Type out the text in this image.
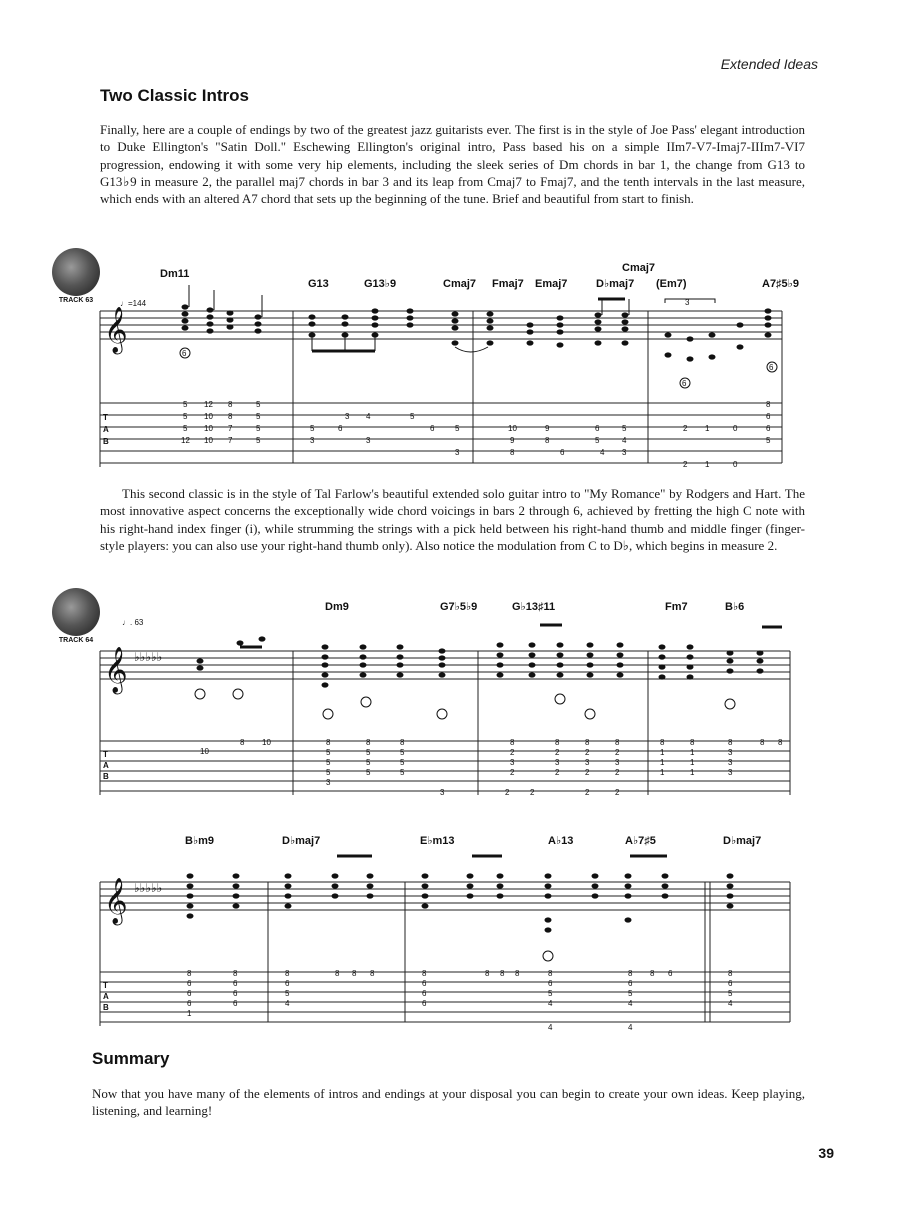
Extended Ideas
Two Classic Intros

Finally, here are a couple of endings by two of the greatest jazz guitarists ever. The first is in the style of Joe Pass' elegant introduction to Duke Ellington's "Satin Doll." Eschewing Ellington's original intro, Pass based his on a simple IIm7-V7-Imaj7-IIIm7-VI7 progression, endowing it with some very hip elements, including the sleek series of Dm chords in bar 1, the change from G13 to G13♭9 in measure 2, the parallel maj7 chords in bar 3 and its leap from Cmaj7 to Fmaj7, and the tenth intervals in the last measure, which ends with an altered A7 chord that sets up the beginning of the tune. Brief and beautiful from start to finish.

TRACK 63
Dm11
G13	G13♭9	Cmaj7 Fmaj7 Emaj7	D♭maj7
Cmaj7
(Em7)	A7♯5♭9
♩=144
𝄞
6
3
6
6
T
A
B
5
5
5
12
12
10
10
10
8
8
7
7
5
5
5
5
5
3
6
3 4
3
5
6	5
3
10
9
8
9
8
6
6
5
4
5
4
3
2 1	0
2 1	0
8
6
6
5

This second classic is in the style of Tal Farlow's beautiful extended solo guitar intro to "My Romance" by Rodgers and Hart. The most innovative aspect concerns the exceptionally wide chord voicings in bars 2 through 6, achieved by fretting the high C note with his right-hand index finger (i), while strumming the strings with a pick held between his right-hand thumb and middle finger (finger-style players: you can also use your right-hand thumb only). Also notice the modulation from C to D♭, which begins in measure 2.

TRACK 64
Dm9	G7♭5♭9	G♭13♯11	Fm7	B♭6
♩. 63
𝄞 ♭♭♭♭♭
T
A
B
10
8 10	8
5
5
5
3
8
5
5
5
8
5
5
5
3
8
2
3
2
2	2
8
2
3
2
8
2
3
2
2
8
2
3
2
2
8
1
1
1
8
1
1
1
8
3
3
3
8 8
B♭m9	D♭maj7	E♭m13	A♭13	A♭7♯5	D♭maj7
𝄞 ♭♭♭♭♭
T
A
B
8
6
6
6
1
8
6
6
6
8
6
5
4
8 8 8	8
6
6
6
8 8 8	8
6
5
4
4
8
6
5
4
4
8 6	8
6
5
4
Summary

Now that you have many of the elements of intros and endings at your disposal you can begin to create your own ideas. Keep playing, listening, and learning!

39
